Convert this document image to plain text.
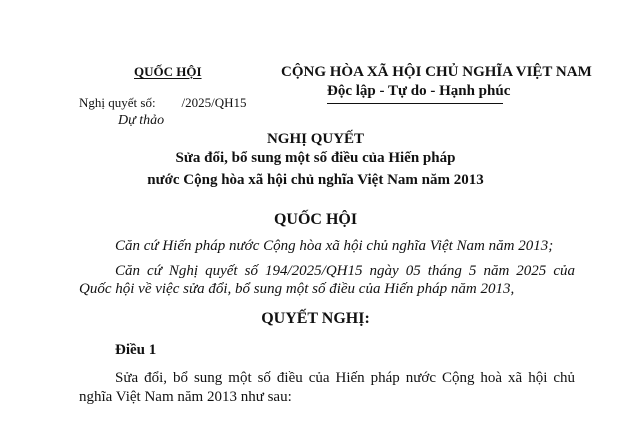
QUỐC HỘI	CỘNG HÒA XÃ HỘI CHỦ NGHĨA VIỆT NAM
Độc lập - Tự do - Hạnh phúc
Nghị quyết số:        /2025/QH15
Dự thảo
NGHỊ QUYẾT
Sửa đổi, bổ sung một số điều của Hiến pháp
nước Cộng hòa xã hội chủ nghĩa Việt Nam năm 2013
QUỐC HỘI
Căn cứ Hiến pháp nước Cộng hòa xã hội chủ nghĩa Việt Nam năm 2013;
Căn cứ Nghị quyết số 194/2025/QH15 ngày 05 tháng 5 năm 2025 của
Quốc hội về việc sửa đổi, bổ sung một số điều của Hiến pháp năm 2013,
QUYẾT NGHỊ:
Điều 1
Sửa đổi, bổ sung một số điều của Hiến pháp nước Cộng hoà xã hội chủ
nghĩa Việt Nam năm 2013 như sau:
